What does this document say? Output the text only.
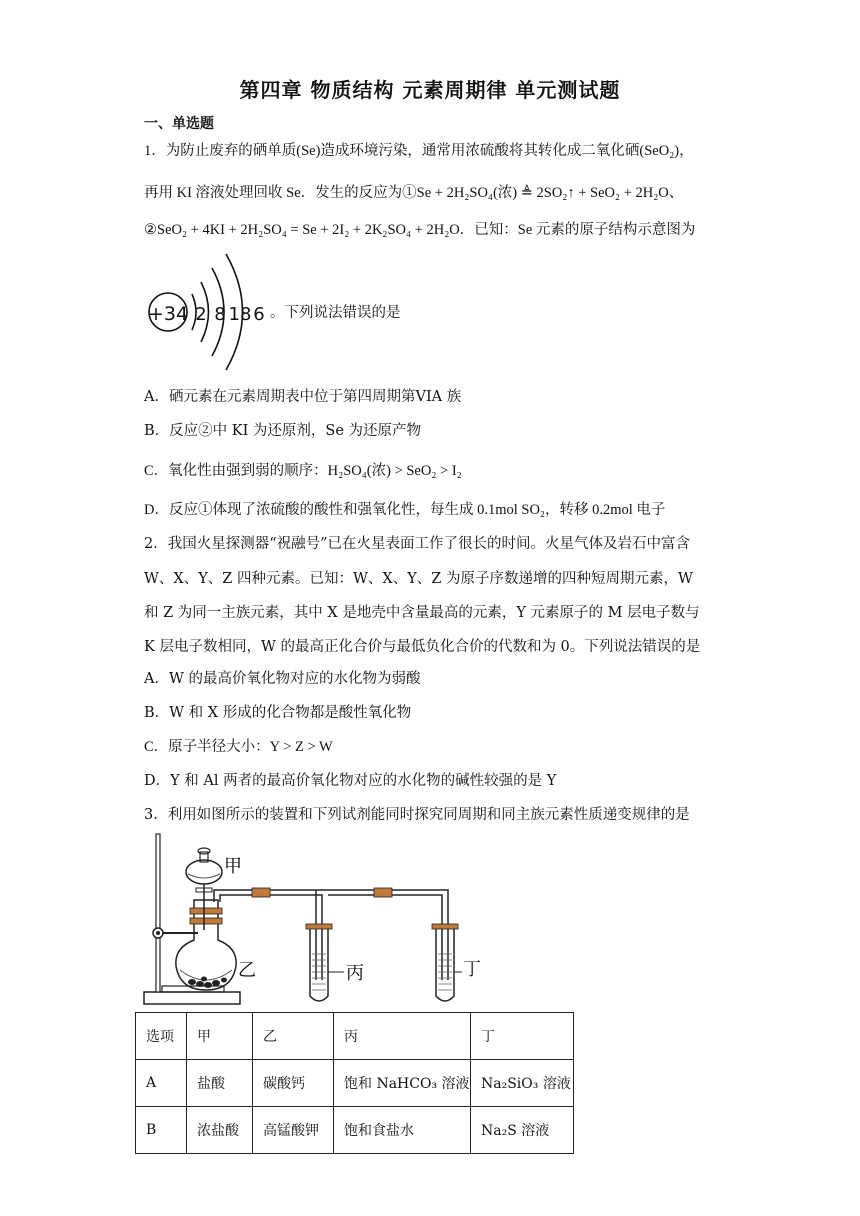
第四章 物质结构 元素周期律 单元测试题
一、单选题
1．为防止废弃的硒单质(Se)造成环境污染，通常用浓硫酸将其转化成二氧化硒(SeO₂)，
再用 KI 溶液处理回收 Se．发生的反应为①Se + 2H₂SO₄(浓) ≜ 2SO₂↑ + SeO₂ + 2H₂O、
②SeO₂ + 4KI + 2H₂SO₄ = Se + 2I₂ + 2K₂SO₄ + 2H₂O．已知：Se 元素的原子结构示意图为
+34 2 8 18 6 。下列说法错误的是
A．硒元素在元素周期表中位于第四周期第VIA 族
B．反应②中 KI 为还原剂，Se 为还原产物
C．氧化性由强到弱的顺序：H₂SO₄(浓) > SeO₂ > I₂
D．反应①体现了浓硫酸的酸性和强氧化性，每生成 0.1mol SO₂，转移 0.2mol 电子
2．我国火星探测器“祝融号”已在火星表面工作了很长的时间。火星气体及岩石中富含
W、X、Y、Z 四种元素。已知：W、X、Y、Z 为原子序数递增的四种短周期元素，W
和 Z 为同一主族元素，其中 X 是地壳中含量最高的元素，Y 元素原子的 M 层电子数与
K 层电子数相同，W 的最高正化合价与最低负化合价的代数和为 0。下列说法错误的是
A．W 的最高价氧化物对应的水化物为弱酸
B．W 和 X 形成的化合物都是酸性氧化物
C．原子半径大小：Y > Z > W
D．Y 和 Al 两者的最高价氧化物对应的水化物的碱性较强的是 Y
3．利用如图所示的装置和下列试剂能同时探究同周期和同主族元素性质递变规律的是
甲
丙
乙	丁
选项	甲	乙	丙	丁
A	盐酸	碳酸钙	饱和 NaHCO₃ 溶液	Na₂SiO₃ 溶液
B	浓盐酸	高锰酸钾	饱和食盐水	Na₂S 溶液
